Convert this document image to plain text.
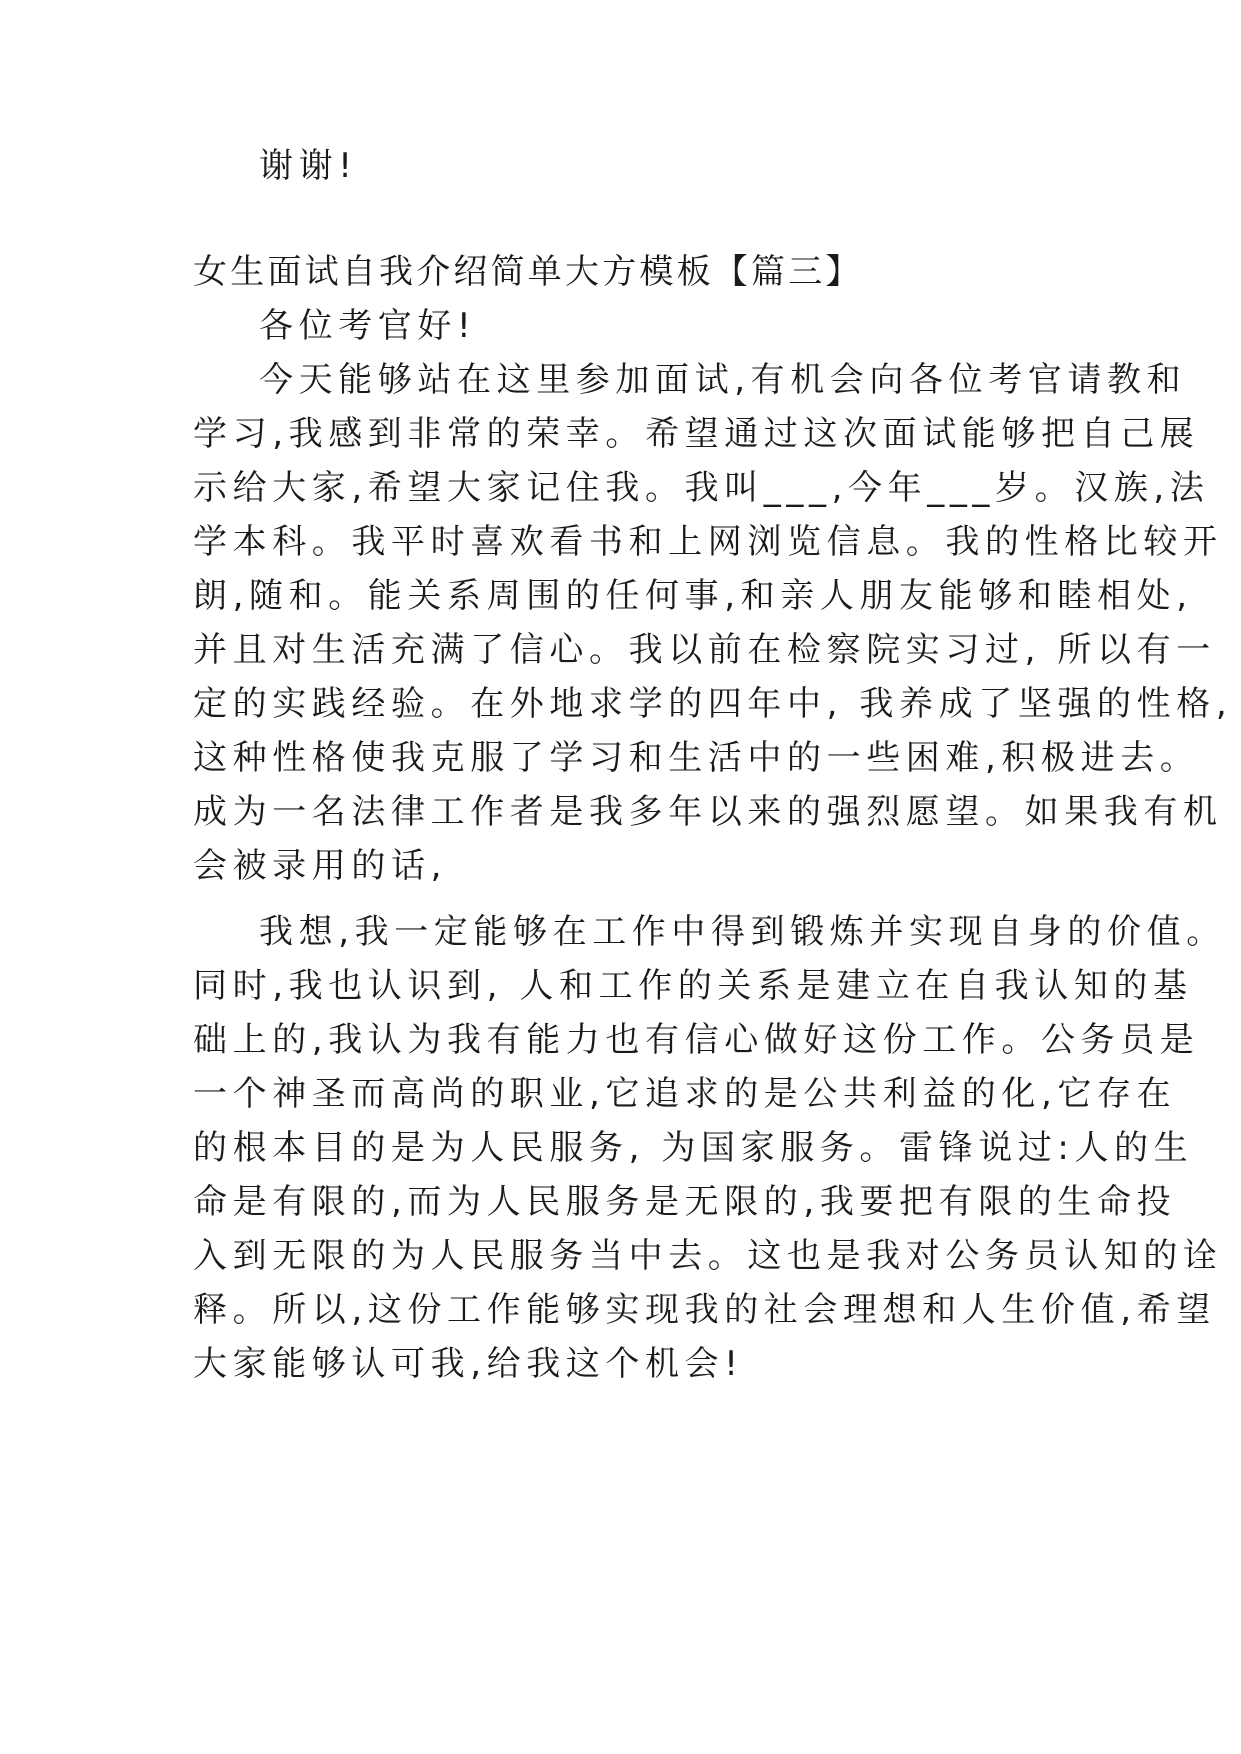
谢谢!
女生面试自我介绍简单大方模板【篇三】
各位考官好!
今天能够站在这里参加面试,有机会向各位考官请教和
学习,我感到非常的荣幸。希望通过这次面试能够把自己展
示给大家,希望大家记住我。我叫___,今年___岁。汉族,法
学本科。我平时喜欢看书和上网浏览信息。我的性格比较开
朗,随和。能关系周围的任何事,和亲人朋友能够和睦相处,
并且对生活充满了信心。我以前在检察院实习过, 所以有一
定的实践经验。在外地求学的四年中, 我养成了坚强的性格,
这种性格使我克服了学习和生活中的一些困难,积极进去。
成为一名法律工作者是我多年以来的强烈愿望。如果我有机
会被录用的话,
我想,我一定能够在工作中得到锻炼并实现自身的价值。
同时,我也认识到, 人和工作的关系是建立在自我认知的基
础上的,我认为我有能力也有信心做好这份工作。公务员是
一个神圣而高尚的职业,它追求的是公共利益的化,它存在
的根本目的是为人民服务, 为国家服务。雷锋说过:人的生
命是有限的,而为人民服务是无限的,我要把有限的生命投
入到无限的为人民服务当中去。这也是我对公务员认知的诠
释。所以,这份工作能够实现我的社会理想和人生价值,希望
大家能够认可我,给我这个机会!
